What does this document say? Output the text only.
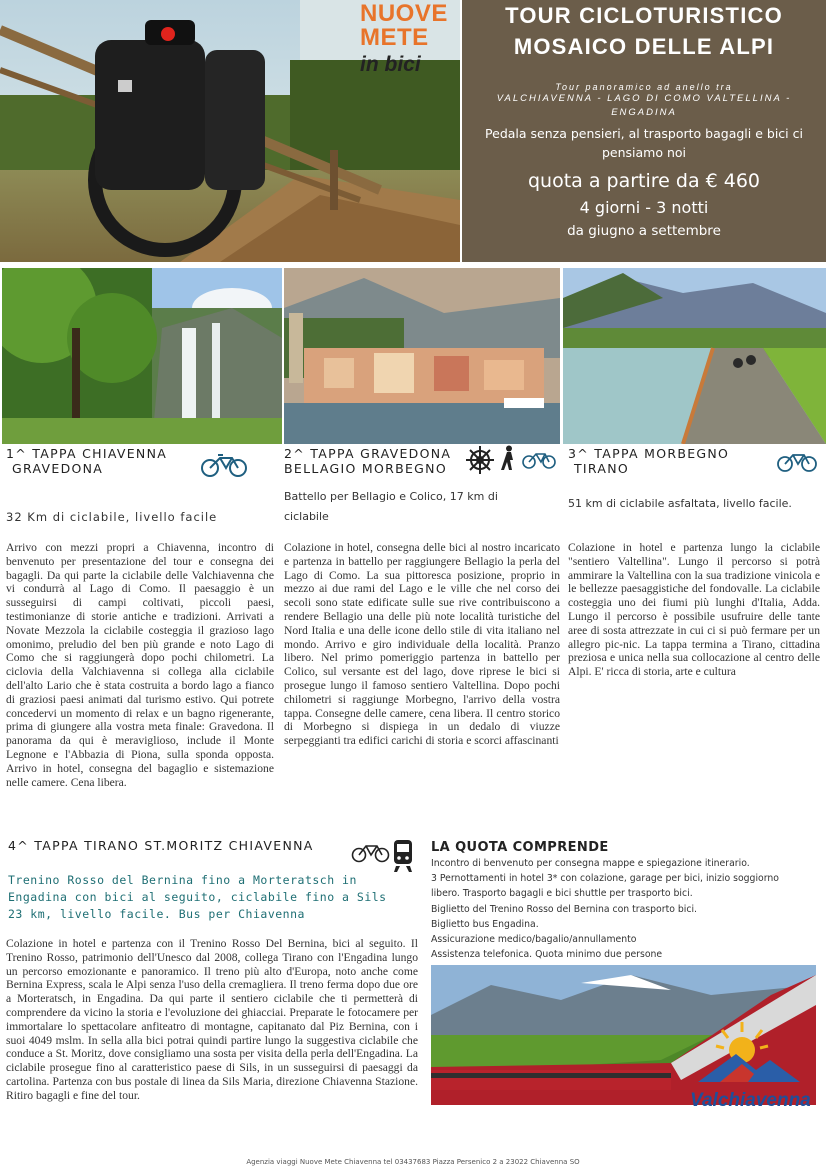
NUOVE
METE
in bici
TOUR CICLOTURISTICO
MOSAICO DELLE ALPI
Tour panoramico ad anello tra
VALCHIAVENNA - LAGO DI COMO VALTELLINA - ENGADINA
Pedala senza pensieri, al trasporto bagagli e bici ci pensiamo noi
quota a partire da € 460
4 giorni - 3 notti
da giugno a settembre
1^ TAPPA CHIAVENNA
GRAVEDONA
32 Km di ciclabile, livello facile
Arrivo con mezzi propri a Chiavenna, incontro di benvenuto per presentazione del tour e consegna dei bagagli. Da qui parte la ciclabile delle Valchiavenna che vi condurrà al Lago di Como. Il paesaggio è un susseguirsi di campi coltivati, piccoli paesi, testimonianze di storie antiche e tradizioni. Arrivati a Novate Mezzola la ciclabile costeggia il grazioso lago omonimo, preludio del ben più grande e noto Lago di Como che si raggiungerà dopo pochi chilometri. La ciclovia della Valchiavenna si collega alla ciclabile dell'alto Lario che è stata costruita a bordo lago a fianco di graziosi paesi animati dal turismo estivo. Qui potrete concedervi un momento di relax e un bagno rigenerante, prima di giungere alla vostra meta finale: Gravedona. Il panorama da qui è meraviglioso, include il Monte Legnone e l'Abbazia di Piona, sulla sponda opposta. Arrivo in hotel, consegna del bagaglio e sistemazione nelle camere. Cena libera.
2^ TAPPA GRAVEDONA
BELLAGIO MORBEGNO
Battello per Bellagio e Colico, 17 km di ciclabile
Colazione in hotel, consegna delle bici al nostro incaricato e partenza in battello per raggiungere Bellagio la perla del Lago di Como. La sua pittoresca posizione, proprio in mezzo ai due rami del Lago e le ville che nel corso dei secoli sono state edificate sulle sue rive contribuiscono a rendere Bellagio una delle più note località turistiche del Nord Italia e una delle icone dello stile di vita italiano nel mondo. Arrivo e giro individuale della località. Pranzo libero. Nel primo pomeriggio partenza in battello per Colico, sul versante est del lago, dove riprese le bici si prosegue lungo il famoso sentiero Valtellina. Dopo pochi chilometri si raggiunge Morbegno, l'arrivo della vostra tappa. Consegne delle camere, cena libera. Il centro storico di Morbegno si dispiega in un dedalo di viuzze serpeggianti tra edifici carichi di storia e scorci affascinanti
3^ TAPPA MORBEGNO
TIRANO
51 km di ciclabile asfaltata, livello facile.
Colazione in hotel e partenza lungo la ciclabile "sentiero Valtellina". Lungo il percorso si potrà ammirare la Valtellina con la sua tradizione vinicola e le bellezze paesaggistiche del fondovalle. La ciclabile costeggia uno dei fiumi più lunghi d'Italia, Adda. Lungo il percorso è possibile usufruire delle tante aree di sosta attrezzate in cui ci si può fermare per un allegro pic-nic. La tappa termina a Tirano, cittadina preziosa e unica nella sua collocazione al centro delle Alpi. E' ricca di storia, arte e cultura
4^ TAPPA TIRANO ST.MORITZ CHIAVENNA
Trenino Rosso del Bernina fino a Morteratsch in
Engadina con bici al seguito, ciclabile fino a Sils
23 km, livello facile. Bus per Chiavenna
Colazione in hotel e partenza con il Trenino Rosso Del Bernina, bici al seguito. Il Trenino Rosso, patrimonio dell'Unesco dal 2008, collega Tirano con l'Engadina lungo un percorso emozionante e panoramico. Il treno più alto d'Europa, noto anche come Bernina Express, scala le Alpi senza l'uso della cremagliera. Il treno ferma dopo due ore a Morteratsch, in Engadina. Da qui parte il sentiero ciclabile che ti permetterà di comprendere da vicino la storia e l'evoluzione dei ghiacciai. Preparate le fotocamere per immortalare lo spettacolare anfiteatro di montagne, capitanato dal Piz Bernina, con i suoi 4049 mslm. In sella alla bici potrai quindi partire lungo la suggestiva ciclabile che conduce a St. Moritz, dove consigliamo una sosta per visita della perla dell'Engadina. La ciclabile prosegue fino al caratteristico paese di Sils, in un susseguirsi di paesaggi da cartolina. Partenza con bus postale di linea da Sils Maria, direzione Chiavenna Stazione. Ritiro bagagli e fine del tour.
LA QUOTA COMPRENDE
Incontro di benvenuto per consegna mappe e spiegazione itinerario.
3 Pernottamenti in hotel 3* con colazione, garage per bici, inizio soggiorno
libero. Trasporto bagagli e bici shuttle per trasporto bici.
Biglietto del Trenino Rosso del Bernina con trasporto bici.
Biglietto bus Engadina.
Assicurazione medico/bagalio/annullamento
Assistenza telefonica. Quota minimo due persone
Valchiavenna
Agenzia viaggi Nuove Mete Chiavenna tel 03437683 Piazza Persenico 2 a 23022 Chiavenna SO
